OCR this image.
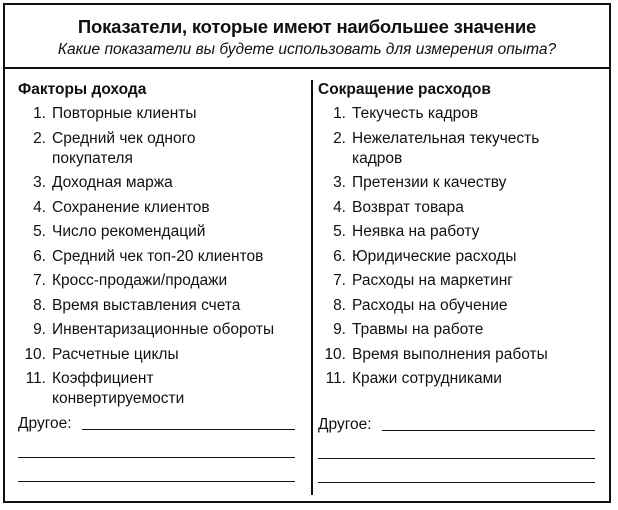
Показатели, которые имеют наибольшее значение
Какие показатели вы будете использовать для измерения опыта?
Факторы дохода
1. Повторные клиенты
2. Средний чек одного покупателя
3. Доходная маржа
4. Сохранение клиентов
5. Число рекомендаций
6. Средний чек топ-20 клиентов
7. Кросс-продажи/продажи
8. Время выставления счета
9. Инвентаризационные обороты
10. Расчетные циклы
11. Коэффициент конвертируемости
Другое:
Сокращение расходов
1. Текучесть кадров
2. Нежелательная текучесть кадров
3. Претензии к качеству
4. Возврат товара
5. Неявка на работу
6. Юридические расходы
7. Расходы на маркетинг
8. Расходы на обучение
9. Травмы на работе
10. Время выполнения работы
11. Кражи сотрудниками
Другое:
